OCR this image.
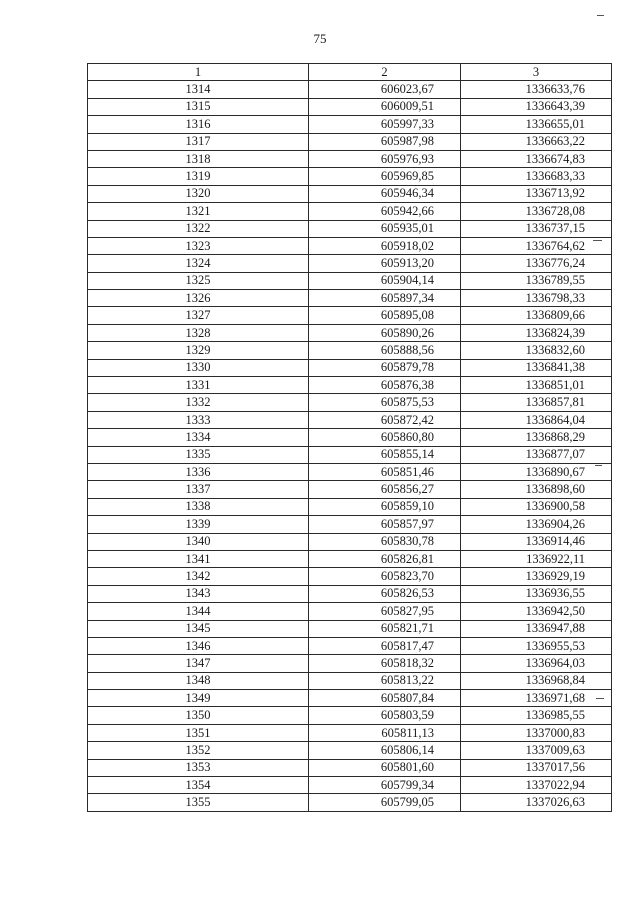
75
1	2	3
1314	606023,67	1336633,76
1315	606009,51	1336643,39
1316	605997,33	1336655,01
1317	605987,98	1336663,22
1318	605976,93	1336674,83
1319	605969,85	1336683,33
1320	605946,34	1336713,92
1321	605942,66	1336728,08
1322	605935,01	1336737,15
1323	605918,02	1336764,62
1324	605913,20	1336776,24
1325	605904,14	1336789,55
1326	605897,34	1336798,33
1327	605895,08	1336809,66
1328	605890,26	1336824,39
1329	605888,56	1336832,60
1330	605879,78	1336841,38
1331	605876,38	1336851,01
1332	605875,53	1336857,81
1333	605872,42	1336864,04
1334	605860,80	1336868,29
1335	605855,14	1336877,07
1336	605851,46	1336890,67
1337	605856,27	1336898,60
1338	605859,10	1336900,58
1339	605857,97	1336904,26
1340	605830,78	1336914,46
1341	605826,81	1336922,11
1342	605823,70	1336929,19
1343	605826,53	1336936,55
1344	605827,95	1336942,50
1345	605821,71	1336947,88
1346	605817,47	1336955,53
1347	605818,32	1336964,03
1348	605813,22	1336968,84
1349	605807,84	1336971,68
1350	605803,59	1336985,55
1351	605811,13	1337000,83
1352	605806,14	1337009,63
1353	605801,60	1337017,56
1354	605799,34	1337022,94
1355	605799,05	1337026,63
